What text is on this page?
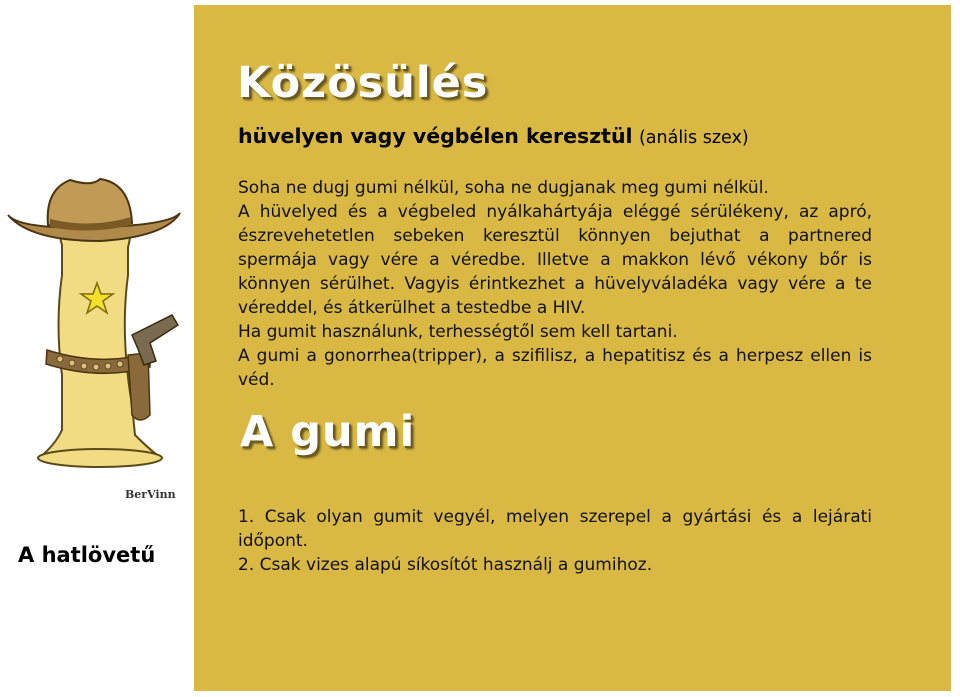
BerVinn
A hatlövetű
Közösülés
hüvelyen vagy végbélen keresztül (anális szex)

Soha ne dugj gumi nélkül, soha ne dugjanak meg gumi nélkül.

A hüvelyed és a végbeled nyálkahártyája eléggé sérülékeny, az apró, észrevehetetlen sebeken keresztül könnyen bejuthat a partnered spermája vagy vére a véredbe. Illetve a makkon lévő vékony bőr is könnyen sérülhet. Vagyis érintkezhet a hüvelyváladéka vagy vére a te véreddel, és átkerülhet a testedbe a HIV.

Ha gumit használunk, terhességtől sem kell tartani.

A gumi a gonorrhea(tripper), a szifilisz, a hepatitisz és a herpesz ellen is véd.

A gumi

1. Csak olyan gumit vegyél, melyen szerepel a gyártási és a lejárati időpont.

2. Csak vizes alapú síkosítót használj a gumihoz.
